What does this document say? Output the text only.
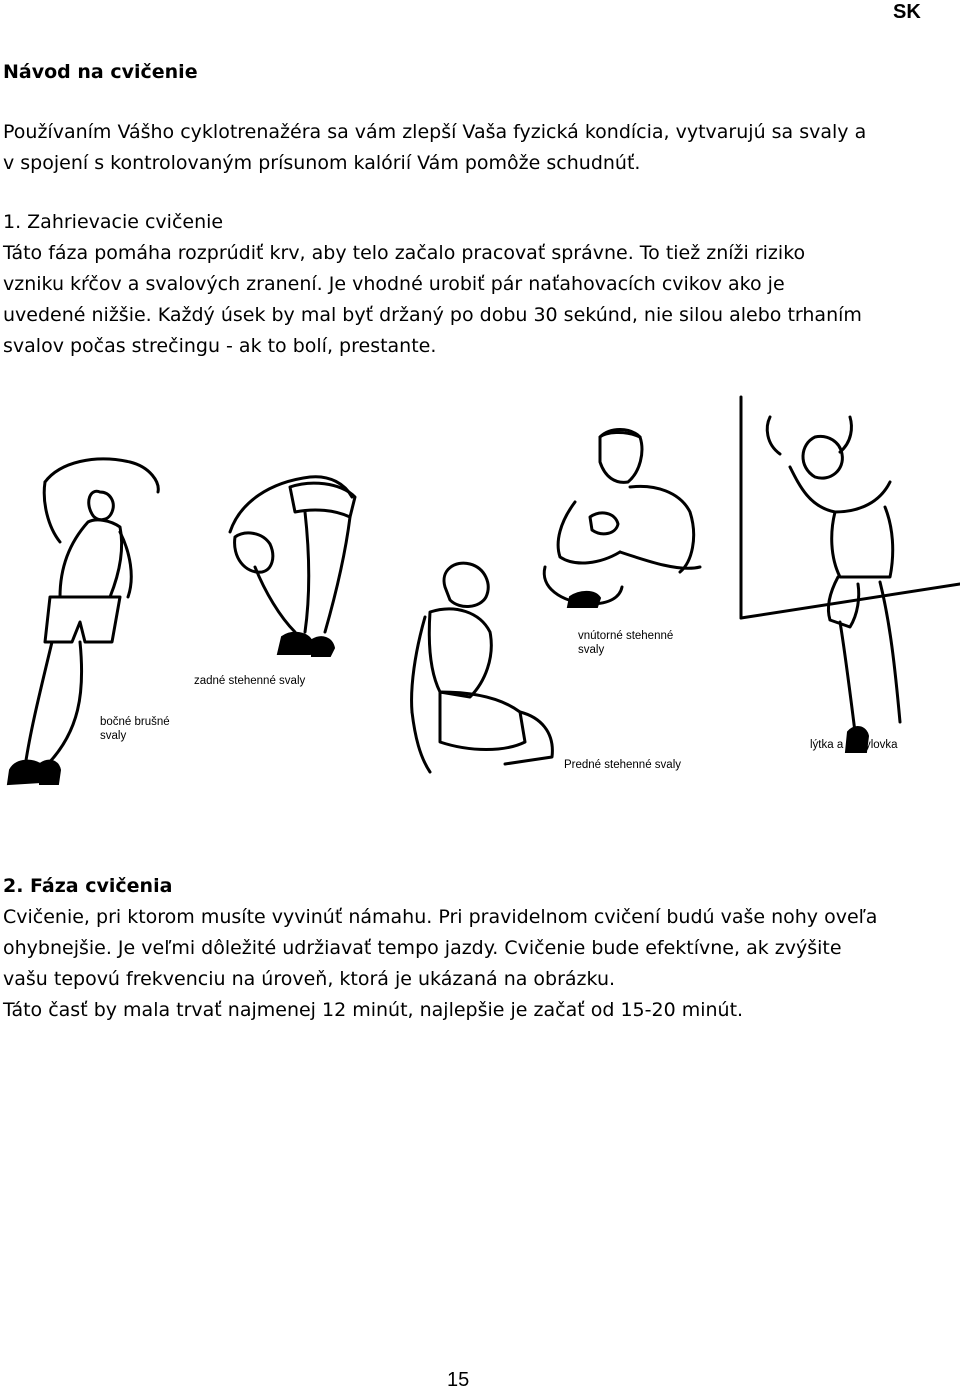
SK
Návod na cvičenie
Používaním Vášho cyklotrenažéra sa vám zlepší Vaša fyzická kondícia, vytvarujú sa svaly a
v spojení s kontrolovaným prísunom kalórií Vám pomôže schudnúť.
1. Zahrievacie cvičenie
Táto fáza pomáha rozprúdiť krv, aby telo začalo pracovať správne. To tiež zníži riziko
vzniku kŕčov a svalových zranení. Je vhodné urobiť pár naťahovacích cvikov ako je
uvedené nižšie. Každý úsek by mal byť držaný po dobu 30 sekúnd, nie silou alebo trhaním
svalov počas strečingu - ak to bolí, prestante.
bočné brušné
svaly
zadné stehenné svaly
vnútorné stehenné
svaly
Predné stehenné svaly
lýtka a achylovka
2. Fáza cvičenia
Cvičenie, pri ktorom musíte vyvinúť námahu. Pri pravidelnom cvičení budú vaše nohy oveľa
ohybnejšie. Je veľmi dôležité udržiavať tempo jazdy. Cvičenie bude efektívne, ak zvýšite
vašu tepovú frekvenciu na úroveň, ktorá je ukázaná na obrázku.
Táto časť by mala trvať najmenej 12 minút, najlepšie je začať od 15-20 minút.
15
